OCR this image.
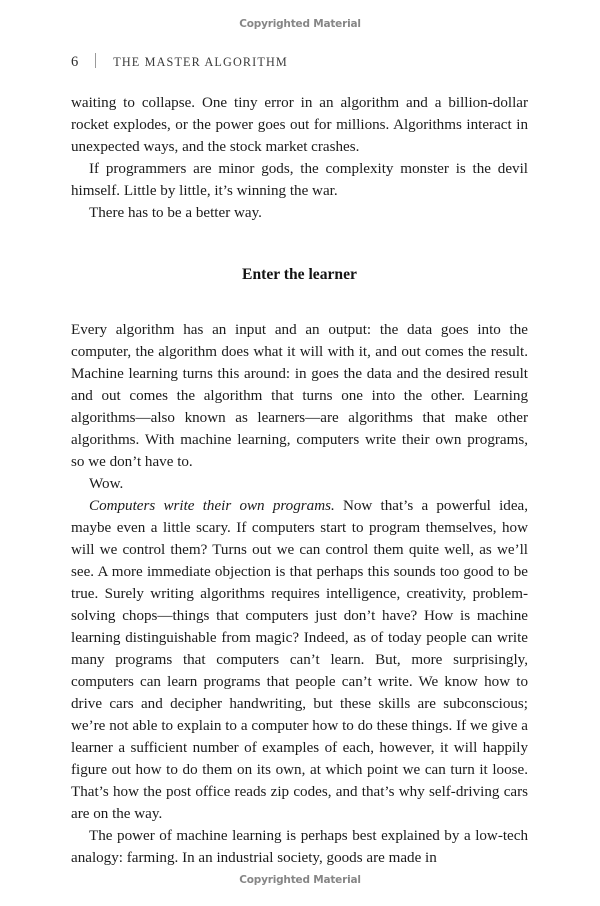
Copyrighted Material
6	THE MASTER ALGORITHM

waiting to collapse. One tiny error in an algorithm and a billion-dollar rocket explodes, or the power goes out for millions. Algorithms interact in unexpected ways, and the stock market crashes.

If programmers are minor gods, the complexity monster is the devil himself. Little by little, it’s winning the war.

There has to be a better way.

Enter the learner

Every algorithm has an input and an output: the data goes into the computer, the algorithm does what it will with it, and out comes the result. Machine learning turns this around: in goes the data and the desired result and out comes the algorithm that turns one into the other. Learning algorithms—also known as learners—are algorithms that make other algorithms. With machine learning, computers write their own programs, so we don’t have to.

Wow.

Computers write their own programs. Now that’s a powerful idea, maybe even a little scary. If computers start to program themselves, how will we control them? Turns out we can control them quite well, as we’ll see. A more immediate objection is that perhaps this sounds too good to be true. Surely writing algorithms requires intelligence, creativity, problem-solving chops—things that computers just don’t have? How is machine learning distinguishable from magic? Indeed, as of today people can write many programs that computers can’t learn. But, more surprisingly, computers can learn programs that people can’t write. We know how to drive cars and decipher handwriting, but these skills are subconscious; we’re not able to explain to a computer how to do these things. If we give a learner a sufficient number of examples of each, however, it will happily figure out how to do them on its own, at which point we can turn it loose. That’s how the post office reads zip codes, and that’s why self-driving cars are on the way.

The power of machine learning is perhaps best explained by a low-tech analogy: farming. In an industrial society, goods are made in

Copyrighted Material
